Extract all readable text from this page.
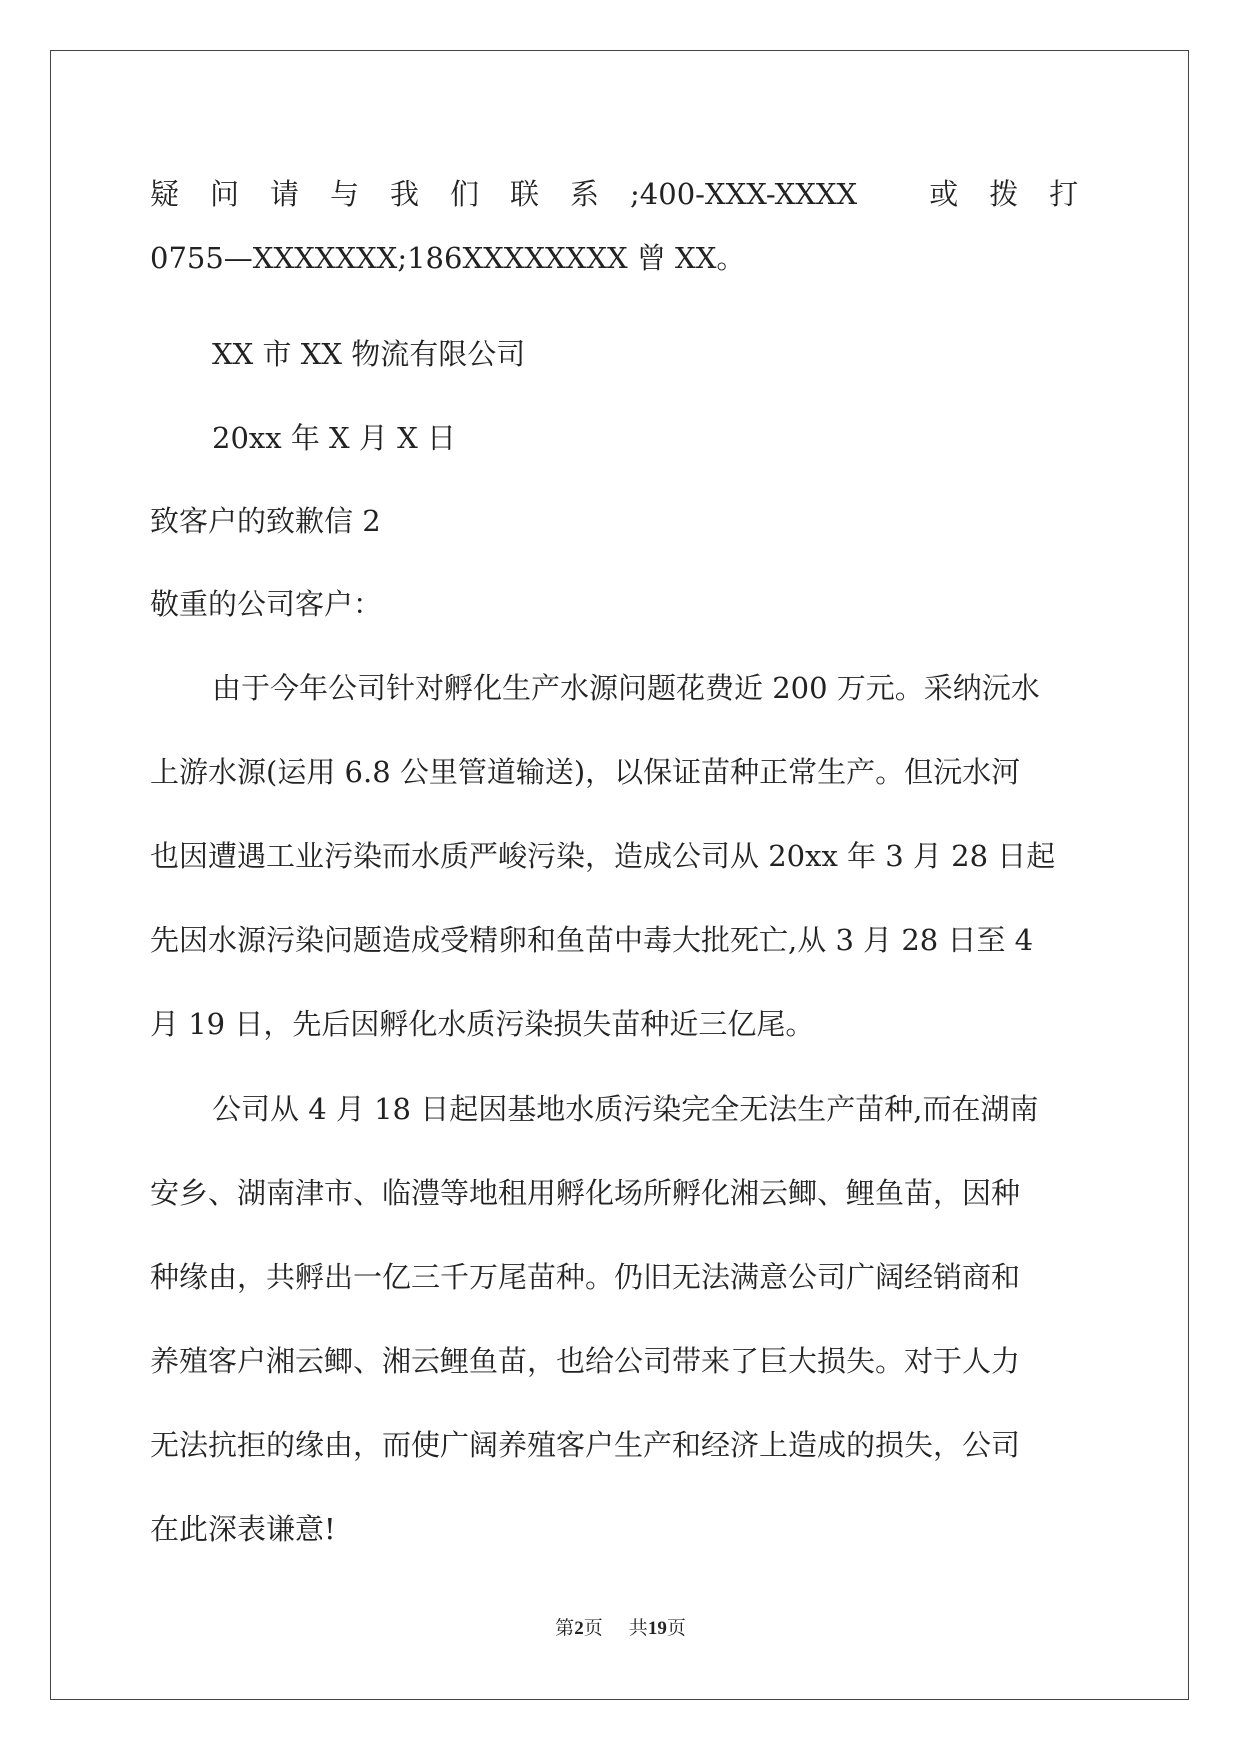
疑问请与我们联系;400-XXX-XXXX 或拨打
0755—XXXXXXX;186XXXXXXXX 曾 XX。
XX 市 XX 物流有限公司
20xx 年 X 月 X 日
致客户的致歉信 2
敬重的公司客户：
由于今年公司针对孵化生产水源问题花费近 200 万元。采纳沅水
上游水源(运用 6.8 公里管道输送)，以保证苗种正常生产。但沅水河
也因遭遇工业污染而水质严峻污染，造成公司从 20xx 年 3 月 28 日起
先因水源污染问题造成受精卵和鱼苗中毒大批死亡,从 3 月 28 日至 4
月 19 日，先后因孵化水质污染损失苗种近三亿尾。
公司从 4 月 18 日起因基地水质污染完全无法生产苗种,而在湖南
安乡、湖南津市、临澧等地租用孵化场所孵化湘云鲫、鲤鱼苗，因种
种缘由，共孵出一亿三千万尾苗种。仍旧无法满意公司广阔经销商和
养殖客户湘云鲫、湘云鲤鱼苗，也给公司带来了巨大损失。对于人力
无法抗拒的缘由，而使广阔养殖客户生产和经济上造成的损失，公司
在此深表谦意!
第2页 共19页
